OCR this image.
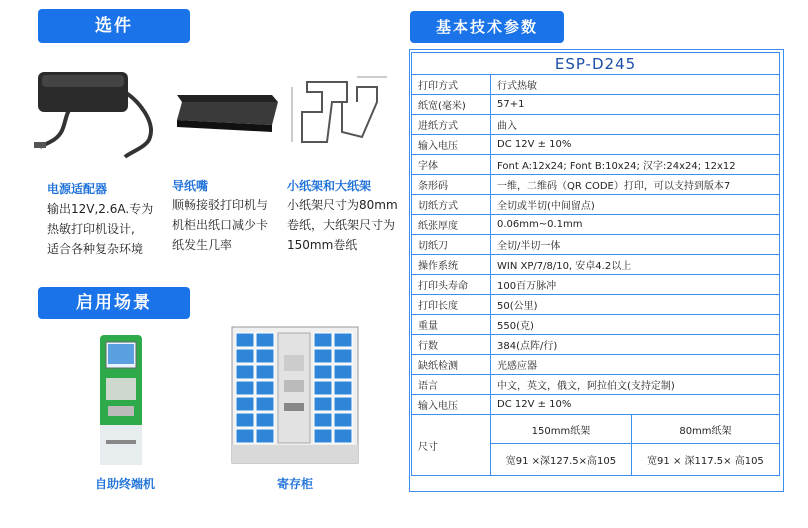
选件	基本技术参数
启用场景
电源适配器
输出12V,2.6A.专为
热敏打印机设计,
适合各种复杂环境
导纸嘴
顺畅接驳打印机与
机柜出纸口减少卡
纸发生几率
小纸架和大纸架
小纸架尺寸为80mm
卷纸，大纸架尺寸为
150mm卷纸
自助终端机	寄存柜
ESP-D245		
打印方式	行式热敏	
纸宽(毫米)	57+1	
进纸方式	曲入	
输入电压	DC 12V ± 10%	
字体	Font A:12x24; Font B:10x24; 汉字:24x24; 12x12	
条形码	一维，二维码（QR CODE）打印，可以支持到版本7	
切纸方式	全切或半切(中间留点)	
纸张厚度	0.06mm~0.1mm	
切纸刀	全切/半切一体	
操作系统	WIN XP/7/8/10, 安卓4.2以上	
打印头寿命	100百万脉冲	
打印长度	50(公里)	
重量	550(克)	
行数	384(点阵/行)	
缺纸检测	光感应器	
语言	中文，英文，俄文，阿拉伯文(支持定制)	
输入电压	DC 12V ± 10%	
尺寸	150mm纸架	80mm纸架
	宽91 ×深127.5×高105	宽91 × 深117.5× 高105
